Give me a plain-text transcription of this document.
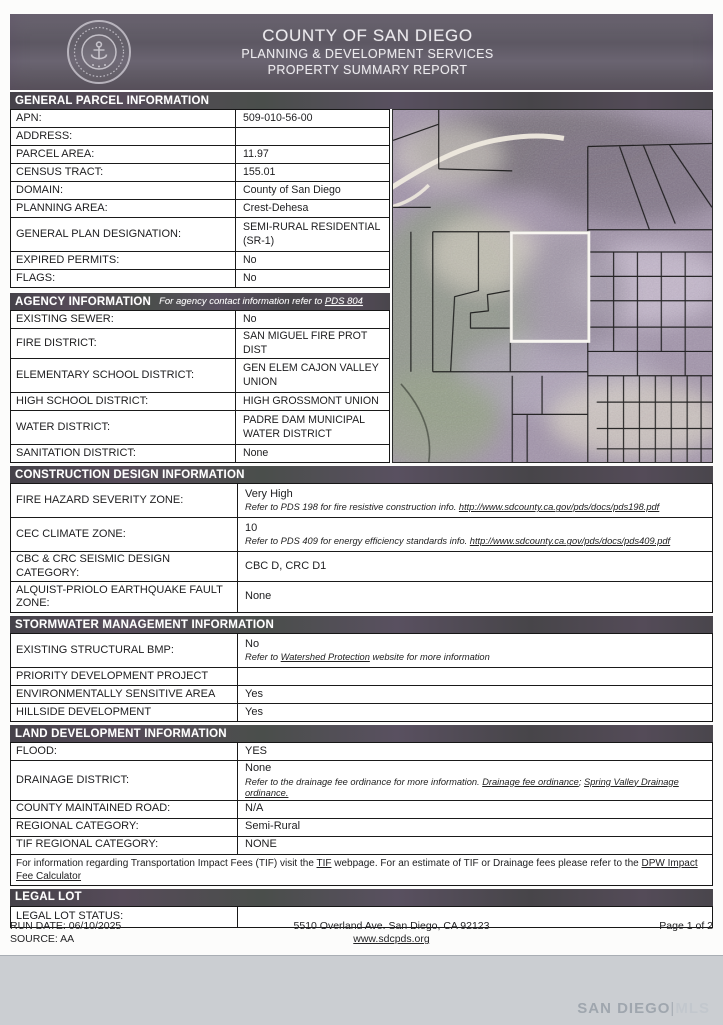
COUNTY OF SAN DIEGO
PLANNING & DEVELOPMENT SERVICES
PROPERTY SUMMARY REPORT
GENERAL PARCEL INFORMATION
APN:	509-010-56-00
ADDRESS:
PARCEL AREA:	11.97
CENSUS TRACT:	155.01
DOMAIN:	County of San Diego
PLANNING AREA:	Crest-Dehesa
GENERAL PLAN DESIGNATION:
SEMI-RURAL RESIDENTIAL (SR-1)
EXPIRED PERMITS:	No
FLAGS:	No
AGENCY INFORMATION For agency contact information refer to PDS 804
EXISTING SEWER:	No
FIRE DISTRICT:
SAN MIGUEL FIRE PROT DIST
ELEMENTARY SCHOOL DISTRICT:
GEN ELEM CAJON VALLEY UNION
HIGH SCHOOL DISTRICT:	HIGH GROSSMONT UNION
WATER DISTRICT:
PADRE DAM MUNICIPAL WATER DISTRICT
SANITATION DISTRICT:	None
CONSTRUCTION DESIGN INFORMATION
FIRE HAZARD SEVERITY ZONE:	Very High
Refer to PDS 198 for fire resistive construction info. http://www.sdcounty.ca.gov/pds/docs/pds198.pdf
CEC CLIMATE ZONE:	10
Refer to PDS 409 for energy efficiency standards info. http://www.sdcounty.ca.gov/pds/docs/pds409.pdf
CBC & CRC SEISMIC DESIGN CATEGORY:
CBC D, CRC D1
ALQUIST-PRIOLO EARTHQUAKE FAULT ZONE:
None
STORMWATER MANAGEMENT INFORMATION
EXISTING STRUCTURAL BMP:	No
Refer to Watershed Protection website for more information
PRIORITY DEVELOPMENT PROJECT
ENVIRONMENTALLY SENSITIVE AREA	Yes
HILLSIDE DEVELOPMENT	Yes
LAND DEVELOPMENT INFORMATION
FLOOD:	YES
DRAINAGE DISTRICT:
None
Refer to the drainage fee ordinance for more information. Drainage fee ordinance; Spring Valley Drainage ordinance.
COUNTY MAINTAINED ROAD:	N/A
REGIONAL CATEGORY:	Semi-Rural
TIF REGIONAL CATEGORY:	NONE
For information regarding Transportation Impact Fees (TIF) visit the TIF webpage. For an estimate of TIF or Drainage fees please refer to the DPW Impact Fee Calculator
LEGAL LOT
LEGAL LOT STATUS:
RUN DATE: 06/10/2025
SOURCE: AA
5510 Overland Ave. San Diego, CA 92123
www.sdcpds.org
Page 1 of 2
SAN DIEGO|MLS
